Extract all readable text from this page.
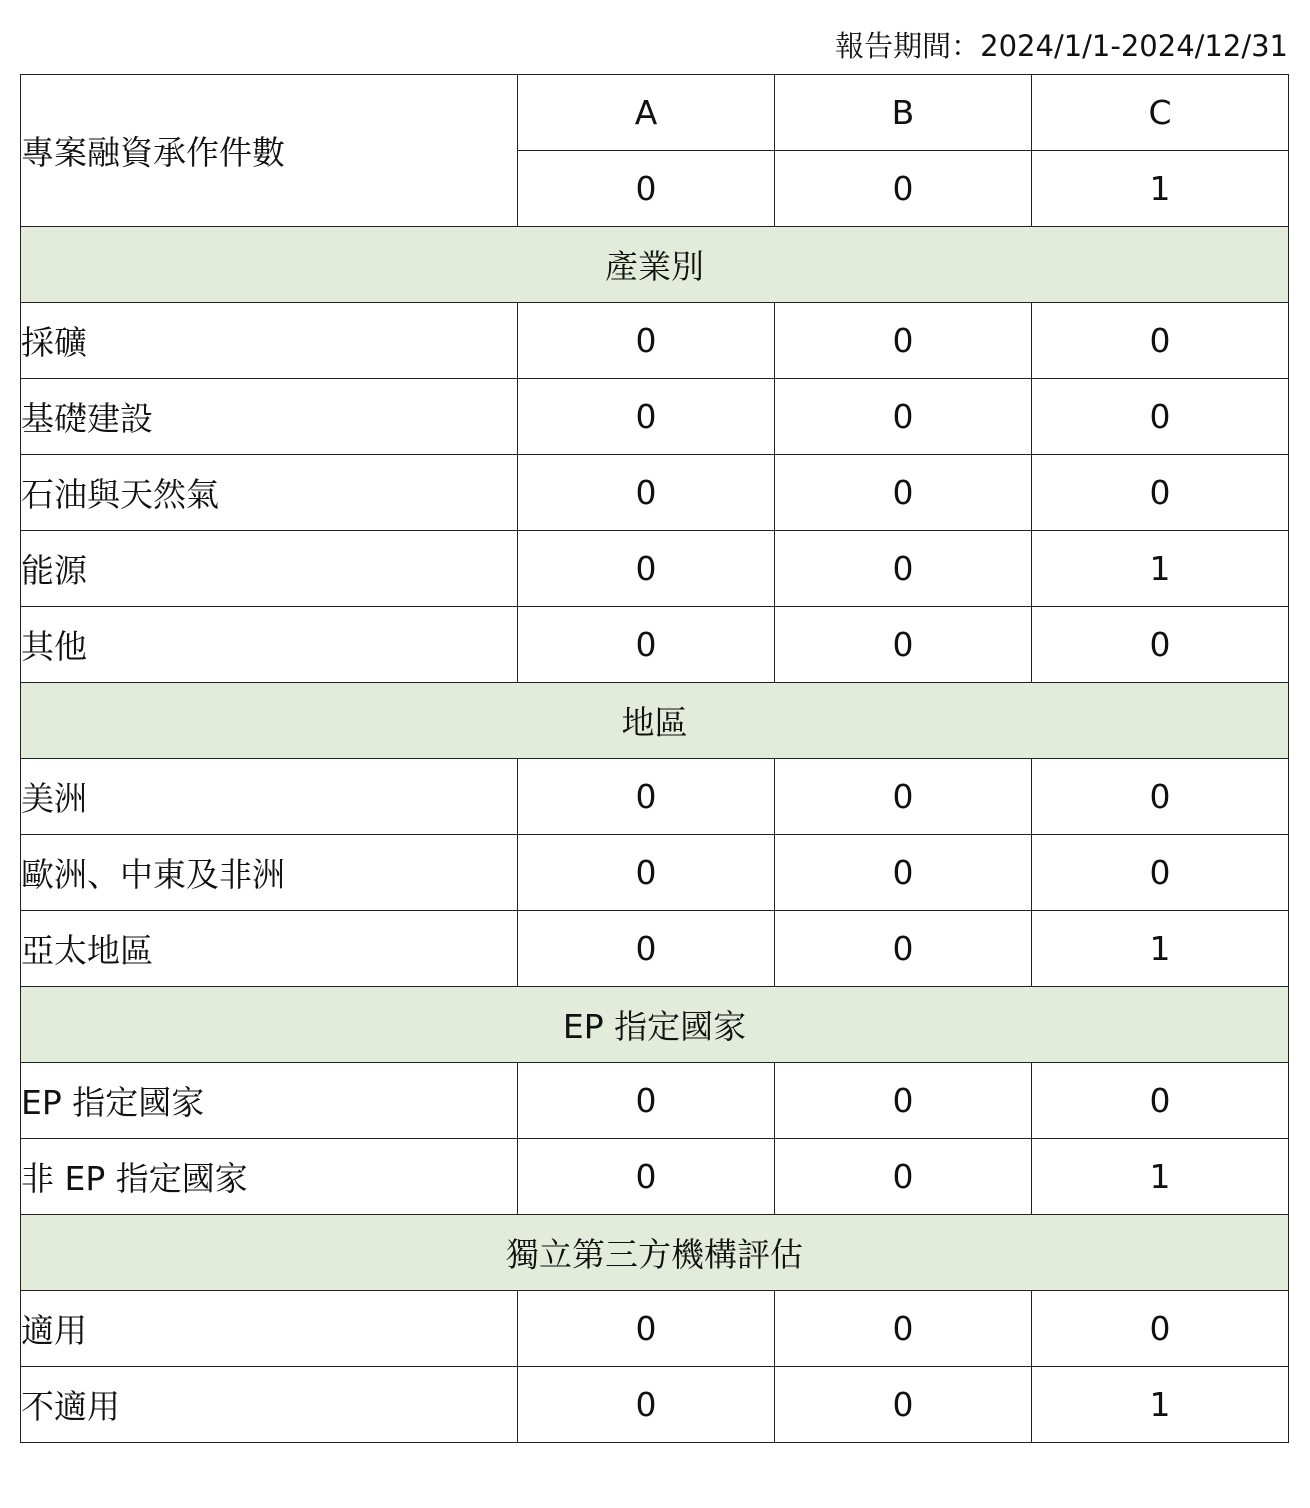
報告期間：2024/1/1-2024/12/31
專案融資承作件數	A	B	C
	0	0	1
產業別			
採礦	0	0	0
基礎建設	0	0	0
石油與天然氣	0	0	0
能源	0	0	1
其他	0	0	0
地區			
美洲	0	0	0
歐洲、中東及非洲	0	0	0
亞太地區	0	0	1
EP 指定國家			
EP 指定國家	0	0	0
非 EP 指定國家	0	0	1
獨立第三方機構評估			
適用	0	0	0
不適用	0	0	1
